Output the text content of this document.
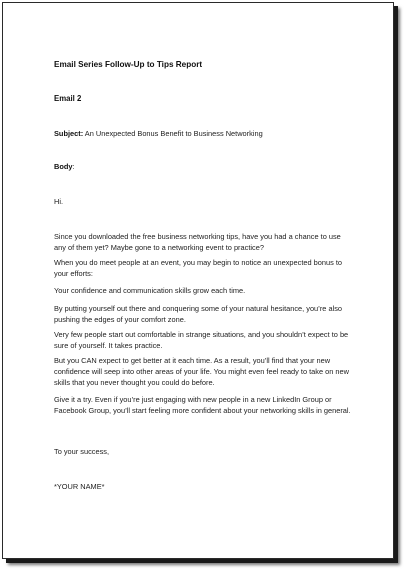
Email Series Follow-Up to Tips Report

Email 2

Subject: An Unexpected Bonus Benefit to Business Networking

Body:

Hi.

Since you downloaded the free business networking tips, have you had a chance to use any of them yet? Maybe gone to a networking event to practice?

When you do meet people at an event, you may begin to notice an unexpected bonus to your efforts:

Your confidence and communication skills grow each time.

By putting yourself out there and conquering some of your natural hesitance, you’re also pushing the edges of your comfort zone.

Very few people start out comfortable in strange situations, and you shouldn’t expect to be sure of yourself. It takes practice.

But you CAN expect to get better at it each time. As a result, you’ll find that your new confidence will seep into other areas of your life. You might even feel ready to take on new skills that you never thought you could do before.

Give it a try. Even if you’re just engaging with new people in a new LinkedIn Group or Facebook Group, you’ll start feeling more confident about your networking skills in general.

To your success,

*YOUR NAME*
